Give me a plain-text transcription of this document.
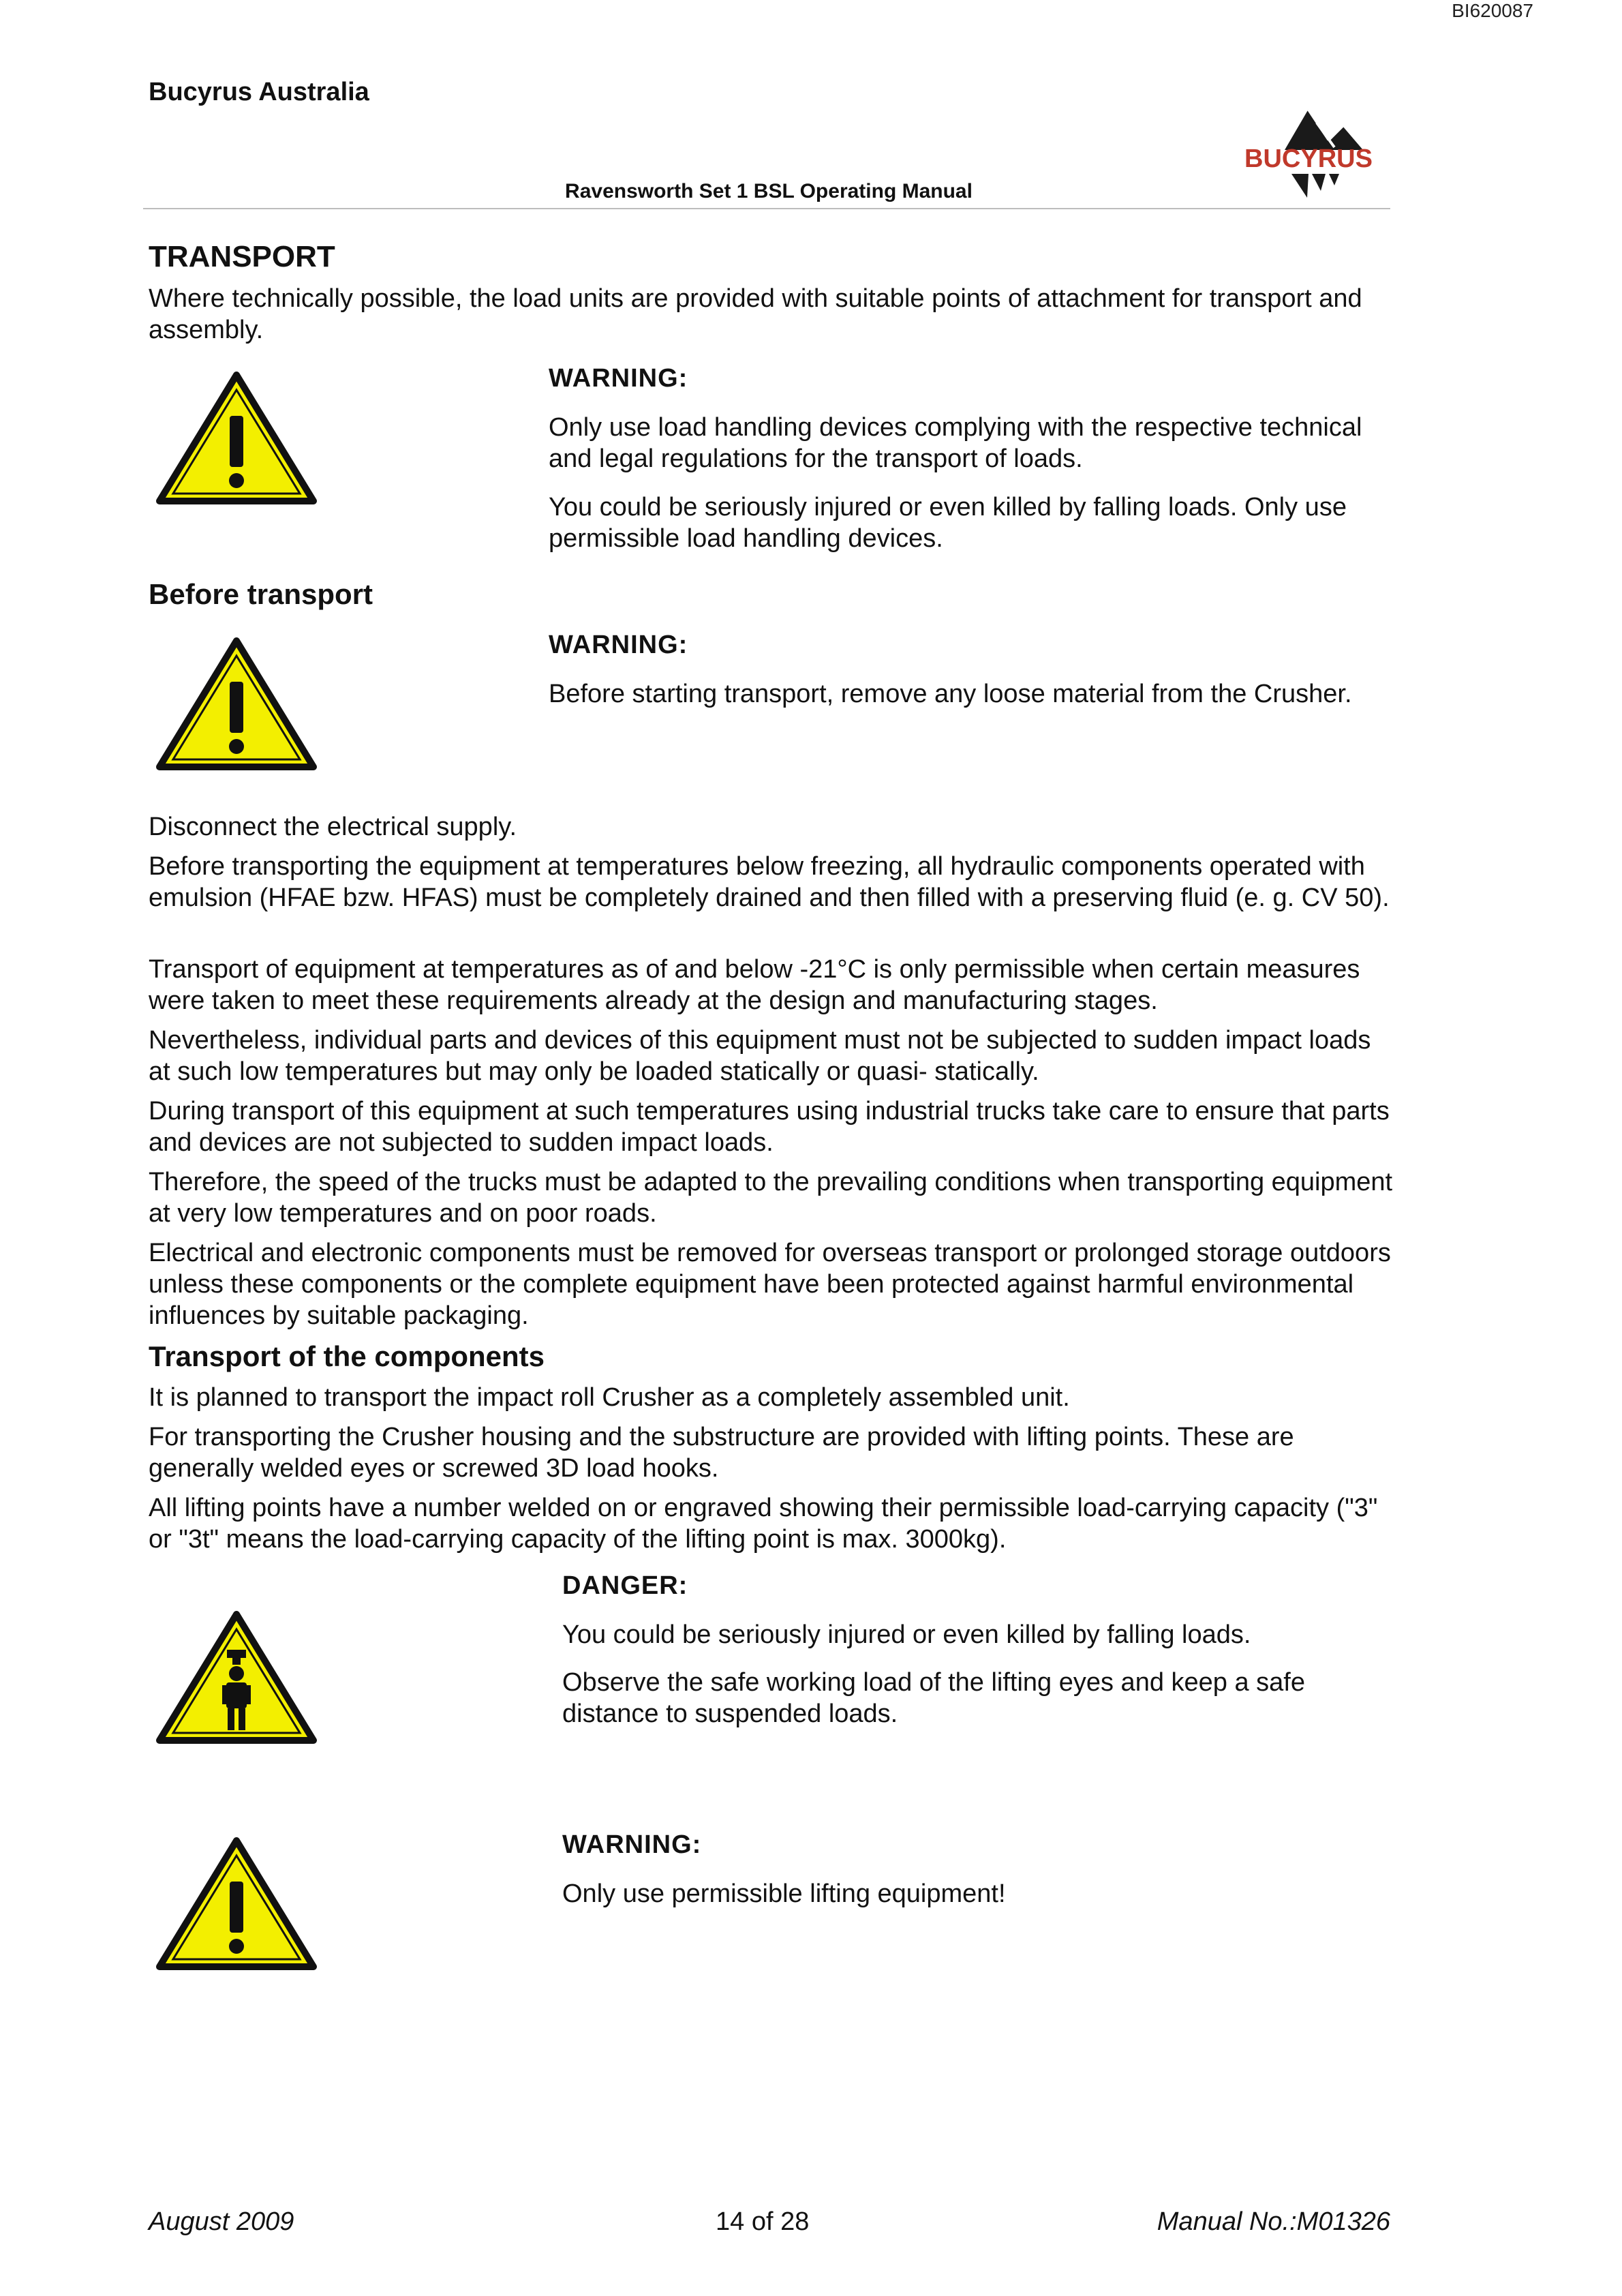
BI620087
Bucyrus Australia
BUCYRUS
Ravensworth Set 1 BSL Operating Manual
TRANSPORT
Where technically possible, the load units are provided with suitable points of attachment for transport and assembly.
WARNING:
Only use load handling devices complying with the respective technical and legal regulations for the transport of loads.
You could be seriously injured or even killed by falling loads. Only use permissible load handling devices.
Before transport
WARNING:
Before starting transport, remove any loose material from the Crusher.
Disconnect the electrical supply.
Before transporting the equipment at temperatures below freezing, all hydraulic components operated with emulsion (HFAE bzw. HFAS) must be completely drained and then filled with a preserving fluid (e. g. CV 50).
Transport of equipment at temperatures as of and below -21°C is only permissible when certain measures were taken to meet these requirements already at the design and manufacturing stages.
Nevertheless, individual parts and devices of this equipment must not be subjected to sudden impact loads at such low temperatures but may only be loaded statically or quasi- statically.
During transport of this equipment at such temperatures using industrial trucks take care to ensure that parts and devices are not subjected to sudden impact loads.
Therefore, the speed of the trucks must be adapted to the prevailing conditions when transporting equipment at very low temperatures and on poor roads.
Electrical and electronic components must be removed for overseas transport or prolonged storage outdoors unless these components or the complete equipment have been protected against harmful environmental influences by suitable packaging.
Transport of the components
It is planned to transport the impact roll Crusher as a completely assembled unit.
For transporting the Crusher housing and the substructure are provided with lifting points. These are generally welded eyes or screwed 3D load hooks.
All lifting points have a number welded on or engraved showing their permissible load-carrying capacity ("3" or "3t" means the load-carrying capacity of the lifting point is max. 3000kg).
DANGER:
You could be seriously injured or even killed by falling loads.
Observe the safe working load of the lifting eyes and keep a safe distance to suspended loads.
WARNING:
Only use permissible lifting equipment!
August 2009	14 of 28	Manual No.:M01326
